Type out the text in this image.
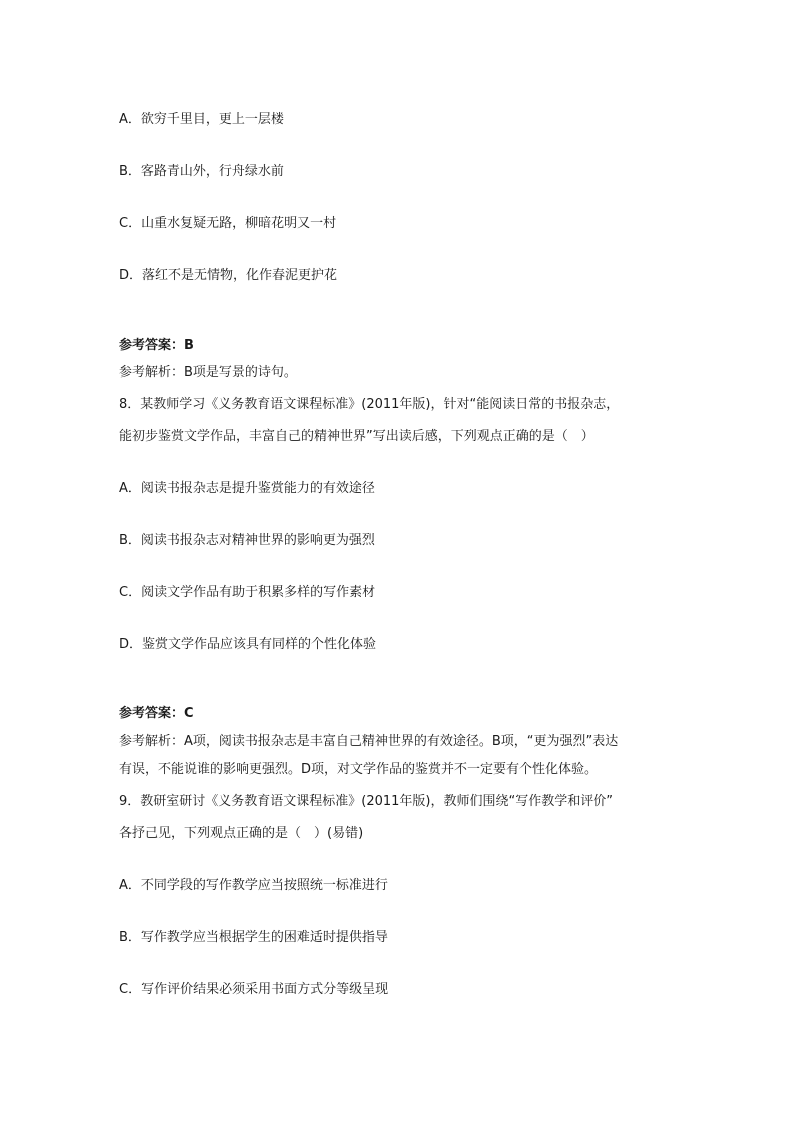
A．欲穷千里目，更上一层楼
B．客路青山外，行舟绿水前
C．山重水复疑无路，柳暗花明又一村
D．落红不是无情物，化作春泥更护花
参考答案：B
参考解析：B项是写景的诗句。
8．某教师学习《义务教育语文课程标准》(2011年版)，针对“能阅读日常的书报杂志，
能初步鉴赏文学作品，丰富自己的精神世界”写出读后感，下列观点正确的是（　）
A．阅读书报杂志是提升鉴赏能力的有效途径
B．阅读书报杂志对精神世界的影响更为强烈
C．阅读文学作品有助于积累多样的写作素材
D．鉴赏文学作品应该具有同样的个性化体验
参考答案：C
参考解析：A项，阅读书报杂志是丰富自己精神世界的有效途径。B项，“更为强烈”表达
有误，不能说谁的影响更强烈。D项，对文学作品的鉴赏并不一定要有个性化体验。
9．教研室研讨《义务教育语文课程标准》(2011年版)，教师们围绕“写作教学和评价”
各抒己见，下列观点正确的是（　）(易错)
A．不同学段的写作教学应当按照统一标准进行
B．写作教学应当根据学生的困难适时提供指导
C．写作评价结果必须采用书面方式分等级呈现
